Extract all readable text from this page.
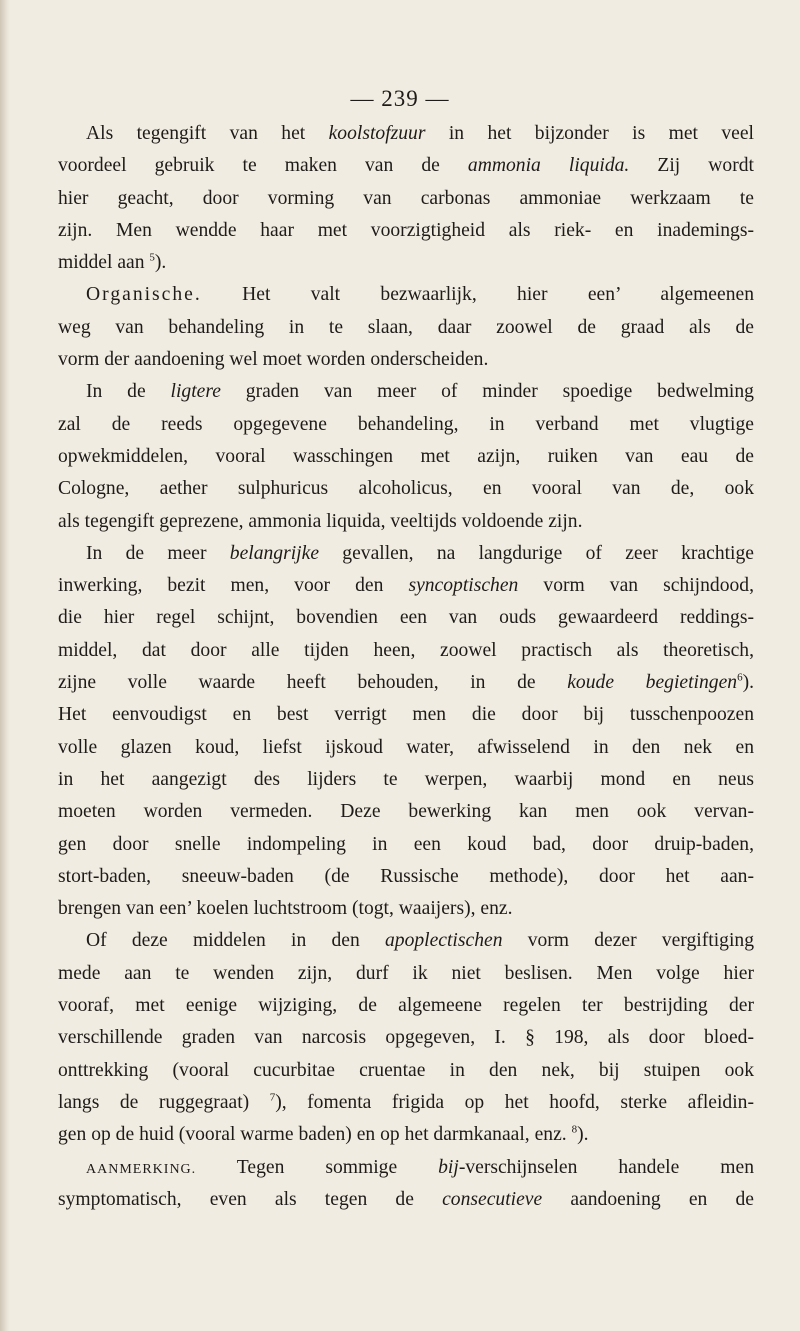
— 239 —
Als tegengift van het koolstofzuur in het bijzonder is met veel
voordeel gebruik te maken van de ammonia liquida. Zij wordt
hier geacht, door vorming van carbonas ammoniae werkzaam te
zijn. Men wendde haar met voorzigtigheid als riek- en inademings-
middel aan $^5$).
Organische. Het valt bezwaarlijk, hier een’ algemeenen
weg van behandeling in te slaan, daar zoowel de graad als de
vorm der aandoening wel moet worden onderscheiden.
In de ligtere graden van meer of minder spoedige bedwelming
zal de reeds opgegevene behandeling, in verband met vlugtige
opwekmiddelen, vooral wasschingen met azijn, ruiken van eau de
Cologne, aether sulphuricus alcoholicus, en vooral van de, ook
als tegengift geprezene, ammonia liquida, veeltijds voldoende zijn.
In de meer belangrijke gevallen, na langdurige of zeer krachtige
inwerking, bezit men, voor den syncoptischen vorm van schijndood,
die hier regel schijnt, bovendien een van ouds gewaardeerd reddings-
middel, dat door alle tijden heen, zoowel practisch als theoretisch,
zijne volle waarde heeft behouden, in de koude begietingen$^6$).
Het eenvoudigst en best verrigt men die door bij tusschenpoozen
volle glazen koud, liefst ijskoud water, afwisselend in den nek en
in het aangezigt des lijders te werpen, waarbij mond en neus
moeten worden vermeden. Deze bewerking kan men ook vervan-
gen door snelle indompeling in een koud bad, door druip-baden,
stort-baden, sneeuw-baden (de Russische methode), door het aan-
brengen van een’ koelen luchtstroom (togt, waaijers), enz.
Of deze middelen in den apoplectischen vorm dezer vergiftiging
mede aan te wenden zijn, durf ik niet beslisen. Men volge hier
vooraf, met eenige wijziging, de algemeene regelen ter bestrijding der
verschillende graden van narcosis opgegeven, I. § 198, als door bloed-
onttrekking (vooral cucurbitae cruentae in den nek, bij stuipen ook
langs de ruggegraat) $^7$), fomenta frigida op het hoofd, sterke afleidin-
gen op de huid (vooral warme baden) en op het darmkanaal, enz. $^8$).
AANMERKING. Tegen sommige bij-verschijnselen handele men
symptomatisch, even als tegen de consecutieve aandoening en de
